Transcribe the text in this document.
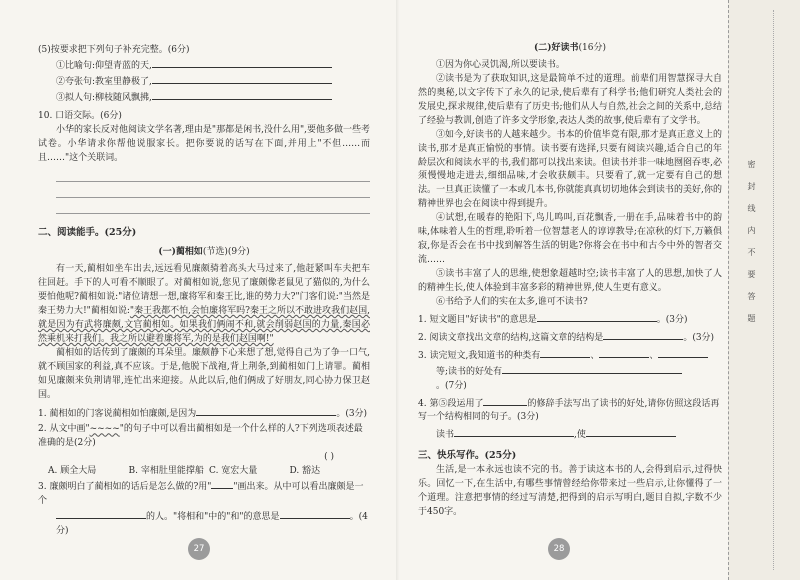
(5)按要求把下列句子补充完整。(6分)

①比喻句:仰望青蓝的天,

②夸张句:教室里静极了,

③拟人句:柳枝随风飘拂,

10. 口语交际。(6分)

小华的家长反对他阅读文学名著,理由是"那都是闲书,没什么用",要他多做一些考试卷。小华请求你帮他说服家长。把你要说的话写在下面,并用上"不但……而且……"这个关联词。

二、阅读能手。(25分)

(一)蔺相如(节选)(9分)

有一天,蔺相如坐车出去,远远看见廉颇骑着高头大马过来了,他赶紧叫车夫把车往回赶。手下的人可看不顺眼了。对蔺相如说,您见了廉颇像老鼠见了猫似的,为什么要怕他呢?蔺相如说:"诸位请想一想,廉将军和秦王比,谁的势力大?"门客们说:"当然是秦王势力大!"蔺相如说:"秦王我都不怕,会怕廉将军吗?秦王之所以不敢进攻我们赵国,就是因为有武将廉颇,文官蔺相如。如果我们俩闹不和,就会削弱赵国的力量,秦国必然乘机来打我们。我之所以避着廉将军,为的是我们赵国啊!"

蔺相如的话传到了廉颇的耳朵里。廉颇静下心来想了想,觉得自己为了争一口气,就不顾国家的利益,真不应该。于是,他脱下战袍,背上荆条,到蔺相如门上请罪。蔺相如见廉颇来负荆请罪,连忙出来迎接。从此以后,他们俩成了好朋友,同心协力保卫赵国。

1. 蔺相如的门客说蔺相如怕廉颇,是因为	。(3分)

2. 从文中画"~~~~"的句子中可以看出蔺相如是一个什么样的人?下列选项表述最准确的是(2分)

( )

A. 顾全大局	B. 宰相肚里能撑船 C. 宽宏大量	D. 豁达

3. 廉颇明白了蔺相如的话后是怎么做的?用" "画出来。从中可以看出廉颇是一个

的人。"将相和"中的"和"的意思是	。(4分)

27

(二)好读书(16分)

①因为你心灵饥渴,所以要读书。

②读书是为了获取知识,这是最简单不过的道理。前辈们用智慧探寻大自然的奥秘,以文字传下了永久的记录,使后辈有了科学书;他们研究人类社会的发展史,探求规律,使后辈有了历史书;他们从人与自然,社会之间的关系中,总结了经验与教训,创造了许多文学形象,表达人类的故事,使后辈有了文学书。

③如今,好读书的人越来越少。书本的价值毕竟有限,那才是真正意义上的读书,那才是真正愉悦的事情。读书要有选择,只要有阅读兴趣,适合自己的年龄层次和阅读水平的书,我们都可以找出来读。但读书并非一味地囫囵吞枣,必须慢慢地走进去,细细品味,才会收获颇丰。只要看了,就一定要有自己的想法。一旦真正读懂了一本或几本书,你就能真真切切地体会到读书的美好,你的精神世界也会在阅读中得到提升。

④试想,在暖春的艳阳下,鸟儿鸣叫,百花飘香,一册在手,品味着书中的韵味,体味着人生的哲理,聆听着一位智慧老人的谆谆教导;在凉秋的灯下,万籁俱寂,你是否会在书中找到解答生活的钥匙?你将会在书中和古今中外的智者交流……

⑤读书丰富了人的思维,使想象超越时空;读书丰富了人的思想,加快了人的精神生长,使人体验到丰富多彩的精神世界,使人生更有意义。

⑥书给予人们的实在太多,谁可不读书?

1. 短文题目"好读书"的意思是	。(3分)

2. 阅读文章找出文章的结构,这篇文章的结构是	。(3分)

3. 读完短文,我知道书的种类有	、	、

等;读书的好处有

。(7分)

4. 第⑤段运用了	的修辞手法写出了读书的好处,请你仿照这段话再写一个结构相同的句子。(3分)

读书	,使

三、快乐写作。(25分)

生活,是一本永远也读不完的书。善于读这本书的人,会得到启示,过得快乐。回忆一下,在生活中,有哪些事情曾经给你带来过一些启示,让你懂得了一个道理。注意把事情的经过写清楚,把得到的启示写明白,题目自拟,字数不少于450字。

28
密
封
线
内
不
要
答
题
